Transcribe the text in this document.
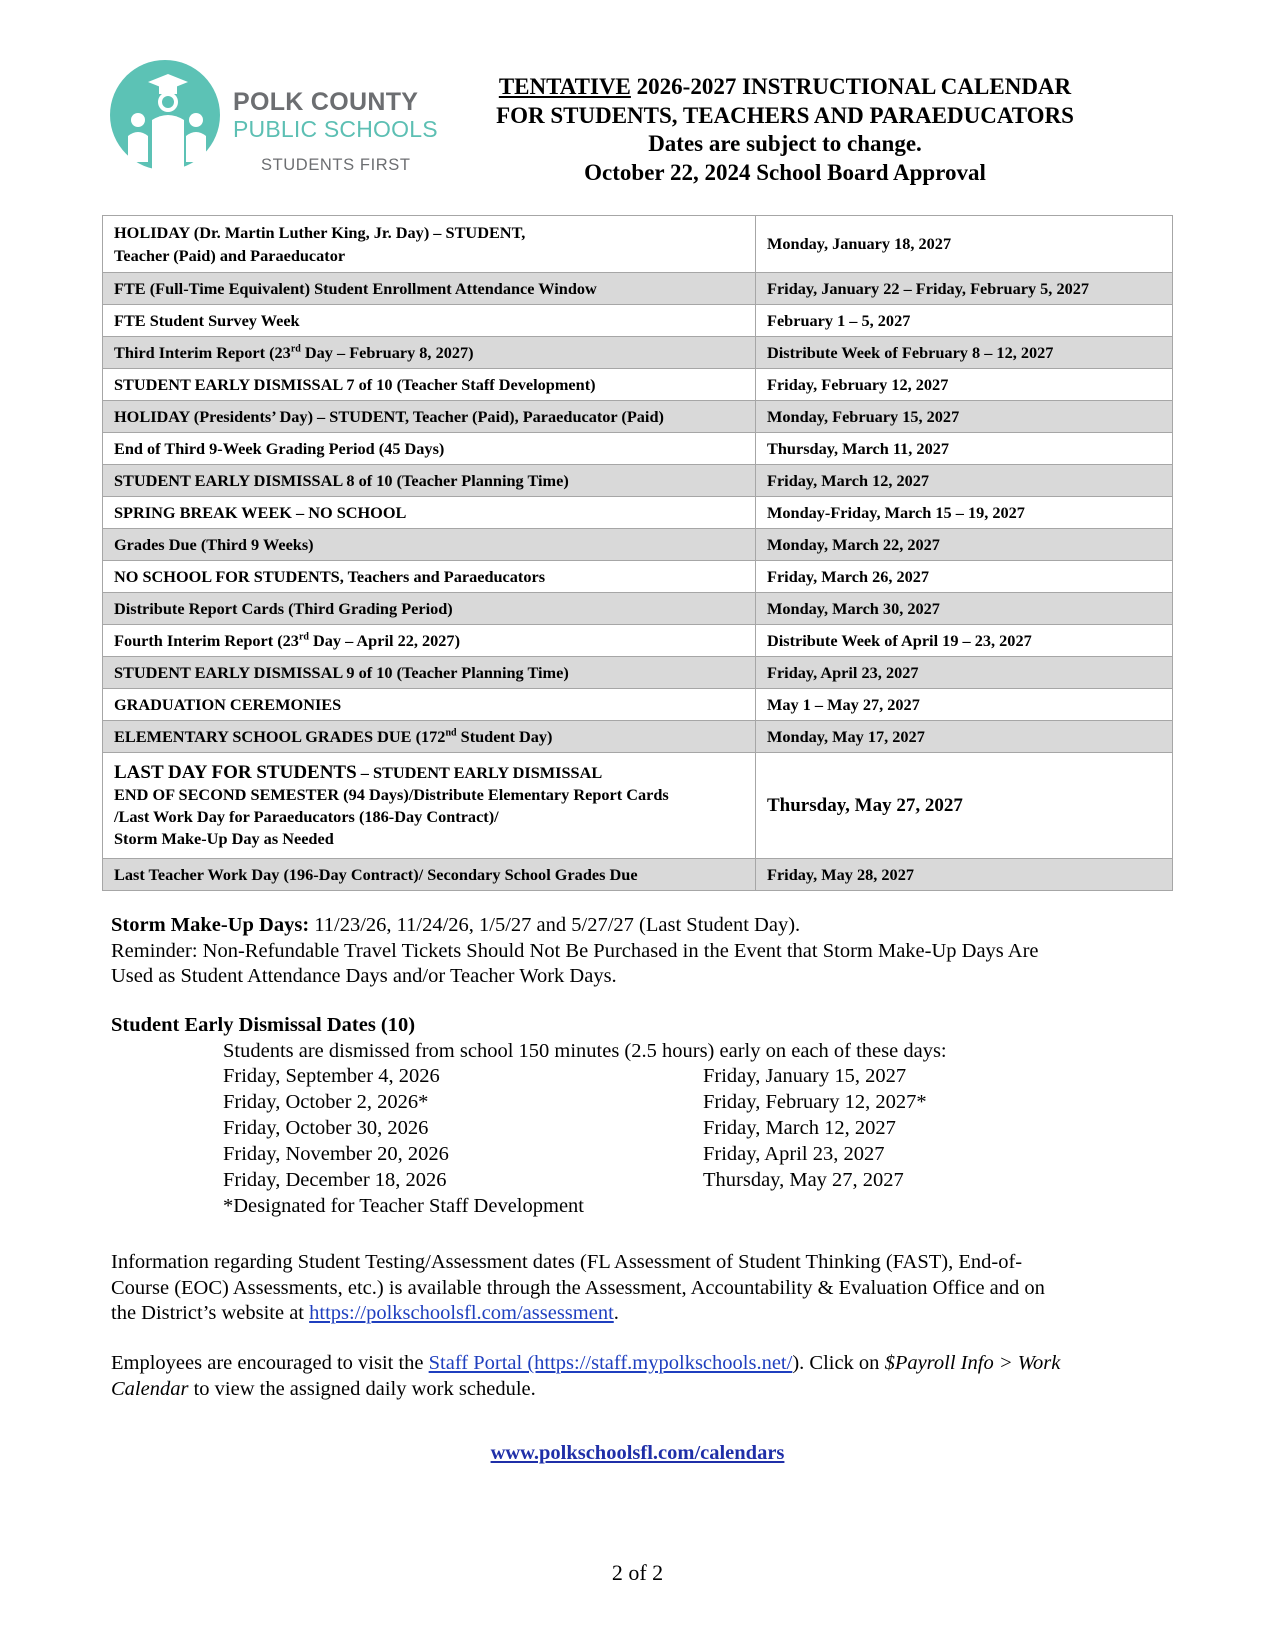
POLK COUNTY
PUBLIC SCHOOLS
STUDENTS FIRST
TENTATIVE 2026-2027 INSTRUCTIONAL CALENDAR
FOR STUDENTS, TEACHERS AND PARAEDUCATORS
Dates are subject to change.
October 22, 2024 School Board Approval
HOLIDAY (Dr. Martin Luther King, Jr. Day) – STUDENT,
Teacher (Paid) and Paraeducator	Monday, January 18, 2027
FTE (Full-Time Equivalent) Student Enrollment Attendance Window	Friday, January 22 – Friday, February 5, 2027
FTE Student Survey Week	February 1 – 5, 2027
Third Interim Report (23rd Day – February 8, 2027)	Distribute Week of February 8 – 12, 2027
STUDENT EARLY DISMISSAL 7 of 10 (Teacher Staff Development)	Friday, February 12, 2027
HOLIDAY (Presidents’ Day) – STUDENT, Teacher (Paid), Paraeducator (Paid)	Monday, February 15, 2027
End of Third 9-Week Grading Period (45 Days)	Thursday, March 11, 2027
STUDENT EARLY DISMISSAL 8 of 10 (Teacher Planning Time)	Friday, March 12, 2027
SPRING BREAK WEEK – NO SCHOOL	Monday-Friday, March 15 – 19, 2027
Grades Due (Third 9 Weeks)	Monday, March 22, 2027
NO SCHOOL FOR STUDENTS, Teachers and Paraeducators	Friday, March 26, 2027
Distribute Report Cards (Third Grading Period)	Monday, March 30, 2027
Fourth Interim Report (23rd Day – April 22, 2027)	Distribute Week of April 19 – 23, 2027
STUDENT EARLY DISMISSAL 9 of 10 (Teacher Planning Time)	Friday, April 23, 2027
GRADUATION CEREMONIES	May 1 – May 27, 2027
ELEMENTARY SCHOOL GRADES DUE (172nd Student Day)	Monday, May 17, 2027

LAST DAY FOR STUDENTS – STUDENT EARLY DISMISSAL
END OF SECOND SEMESTER (94 Days)/Distribute Elementary Report Cards
/Last Work Day for Paraeducators (186-Day Contract)/
Storm Make-Up Day as Needed	Thursday, May 27, 2027
Last Teacher Work Day (196-Day Contract)/ Secondary School Grades Due	Friday, May 28, 2027
Storm Make-Up Days: 11/23/26, 11/24/26, 1/5/27 and 5/27/27 (Last Student Day).
Reminder: Non-Refundable Travel Tickets Should Not Be Purchased in the Event that Storm Make-Up Days Are
Used as Student Attendance Days and/or Teacher Work Days.
Student Early Dismissal Dates (10)
Students are dismissed from school 150 minutes (2.5 hours) early on each of these days:
Friday, September 4, 2026
Friday, October 2, 2026*
Friday, October 30, 2026
Friday, November 20, 2026
Friday, December 18, 2026
*Designated for Teacher Staff Development
Friday, January 15, 2027
Friday, February 12, 2027*
Friday, March 12, 2027
Friday, April 23, 2027
Thursday, May 27, 2027
Information regarding Student Testing/Assessment dates (FL Assessment of Student Thinking (FAST), End-of-
Course (EOC) Assessments, etc.) is available through the Assessment, Accountability & Evaluation Office and on
the District’s website at https://polkschoolsfl.com/assessment.
Employees are encouraged to visit the Staff Portal (https://staff.mypolkschools.net/). Click on $Payroll Info > Work
Calendar to view the assigned daily work schedule.
www.polkschoolsfl.com/calendars
2 of 2
